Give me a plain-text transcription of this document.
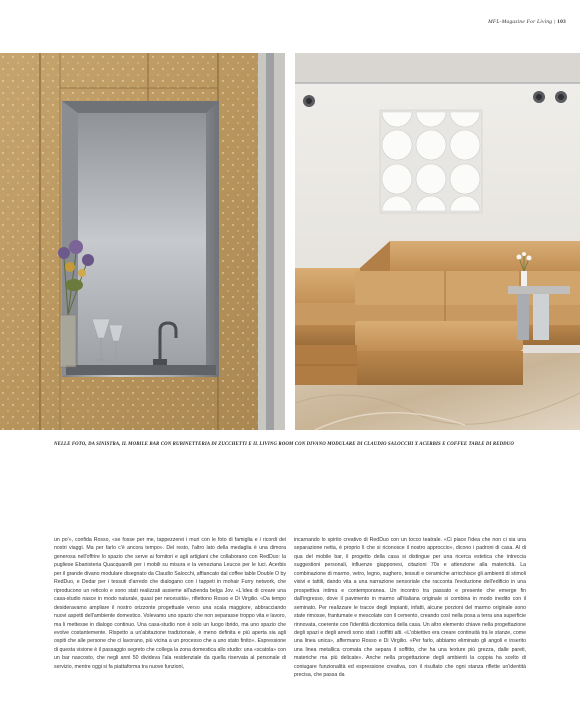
MFL-Magazine For Living | 103
NELLE FOTO, DA SINISTRA, IL MOBILE BAR CON RUBINETTERIA DI ZUCCHETTI E IL LIVING ROOM CON DIVANO MODULARE DI CLAUDIO SALOCCHI X ACERBIS E COFFEE TABLE DI REDDUO

un po'», confida Rosso, «se fosse per me, tappezzerei i muri con le foto di famiglia e i ricordi dei nostri viaggi. Ma per farlo c'è ancora tempo». Del resto, l'altro lato della medaglia è una dimora generosa nell'offrire lo spazio che serve ai fornitori e agli artigiani che collaborano con RedDuo: la pugliese Ebanisteria Quacquarelli per i mobili su misura e la veneziana Leucos per le luci. Acerbis per il grande divano modulare disegnato da Claudio Salocchi, affiancato dal coffee table Double O by RedDuo, e Dedar per i tessuti d'arredo che dialogano con i tappeti in mohair Furry network, che riproducono un reticolo e sono stati realizzati assieme all'azienda belga Jov. «L'idea di creare una casa-studio nasce in modo naturale, quasi per necessità», riflettono Rosso e Di Virgilio. «Da tempo desideravamo ampliare il nostro orizzonte progettuale verso una scala maggiore, abbracciando nuovi aspetti dell'ambiente domestico. Volevamo uno spazio che non separasse troppo vita e lavoro, ma li mettesse in dialogo continuo. Una casa-studio non è solo un luogo ibrido, ma uno spazio che evolve costantemente. Rispetto a un'abitazione tradizionale, è meno definita e più aperta sia agli ospiti che alle persone che ci lavorano, più vicina a un processo che a uno stato finito». Espressione di questa visione è il passaggio segreto che collega la zona domestica allo studio: una «scatola» con un bar nascosto, che negli anni 50 divideva l'ala residenziale da quella riservata al personale di servizio, mentre oggi si fa piattaforma tra nuove funzioni,

incarnando lo spirito creativo di RedDuo con un tocco teatrale. «Ci piace l'idea che non ci sia una separazione netta, è proprio lì che si riconosce il nostro approccio», dicono i padroni di casa. Al di qua del mobile bar, il progetto della casa si distingue per una ricerca estetica che intreccia suggestioni personali, influenze giapponesi, citazioni 70s e attenzione alla matericità. La combinazione di marmo, vetro, legno, sughero, tessuti e ceramiche arricchisce gli ambienti di stimoli visivi e tattili, dando vita a una narrazione sensoriale che racconta l'evoluzione dell'edificio in una prospettiva intima e contemporanea. Un incontro tra passato e presente che emerge fin dall'ingresso, dove il pavimento in marmo all'italiana originale si combina in modo inedito con il seminato. Per realizzare le tracce degli impianti, infatti, alcune porzioni del marmo originale sono state rimosse, frantumate e mescolate con il cemento, creando così nella posa a terra una superficie rinnovata, coerente con l'identità dicotomica della casa. Un altro elemento chiave nella progettazione degli spazi e degli arredi sono stati i soffitti alti. «L'obiettivo era creare continuità tra le stanze, come una linea unica», affermano Rosso e Di Virgilio. «Per farlo, abbiamo eliminato gli angoli e inserito una linea metallica cromata che separa il soffitto, che ha una texture più grezza, dalle pareti, materiche ma più delicate». Anche nella progettazione degli ambienti la coppia ha scelto di coniugare funzionalità ed espressione creativa, con il risultato che ogni stanza riflette un'identità precisa, che passa da
